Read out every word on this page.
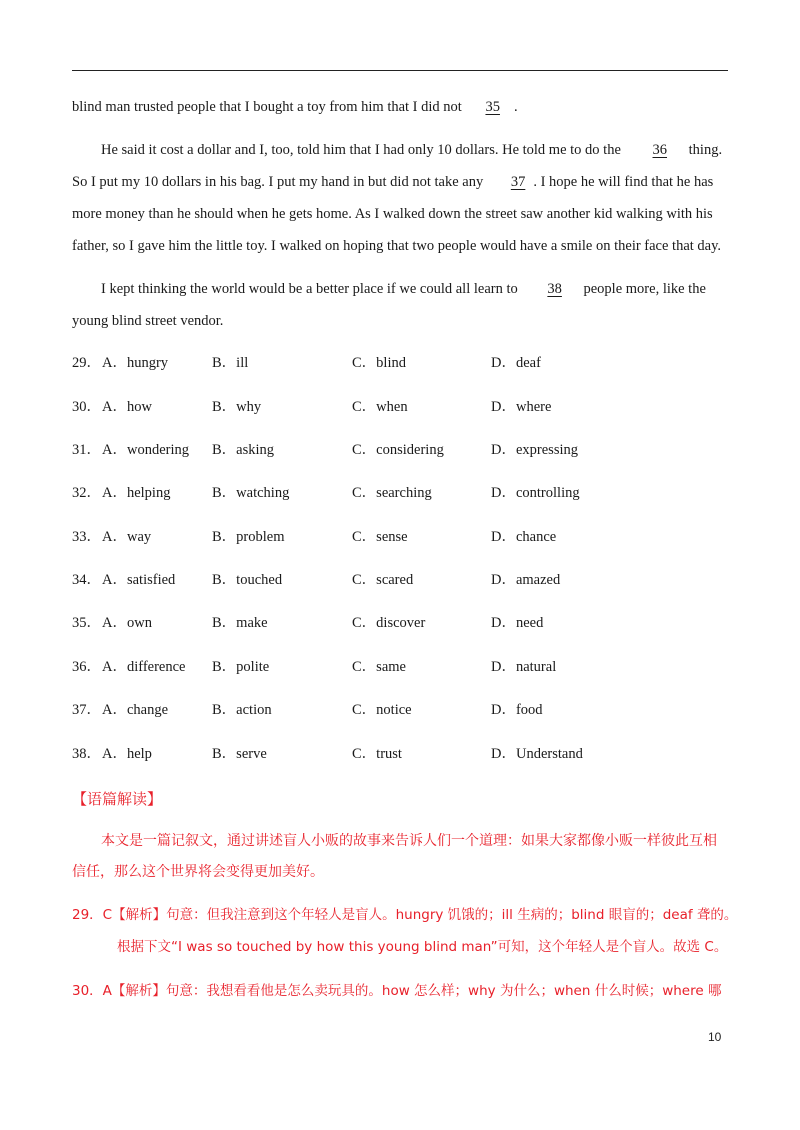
blind man trusted people that I bought a toy from him that I did not 35 .
He said it cost a dollar and I, too, told him that I had only 10 dollars. He told me to do the 36 thing.
So I put my 10 dollars in his bag. I put my hand in but did not take any 37 . I hope he will find that he has
more money than he should when he gets home. As I walked down the street saw another kid walking with his
father, so I gave him the little toy. I walked on hoping that two people would have a smile on their face that day.
I kept thinking the world would be a better place if we could all learn to 38 people more, like the
young blind street vendor.
29． A．hungry	B．ill	C．blind	D．deaf
30． A．how	B．why	C．when	D．where
31． A．wondering B．asking	C．considering	D．expressing
32． A．helping	B．watching	C．searching	D．controlling
33． A．way	B．problem	C．sense	D．chance
34． A．satisfied	B．touched	C．scared	D．amazed
35． A．own	B．make	C．discover	D．need
36． A．difference B．polite	C．same	D．natural
37． A．change	B．action	C．notice	D．food
38． A．help	B．serve	C．trust	D．Understand
【语篇解读】
本文是一篇记叙文，通过讲述盲人小贩的故事来告诉人们一个道理：如果大家都像小贩一样彼此互相
信任，那么这个世界将会变得更加美好。
29．C【解析】句意：但我注意到这个年轻人是盲人。hungry 饥饿的；ill 生病的；blind 眼盲的；deaf 聋的。
根据下文“I was so touched by how this young blind man”可知，这个年轻人是个盲人。故选 C。
30．A【解析】句意：我想看看他是怎么卖玩具的。how 怎么样；why 为什么；when 什么时候；where 哪
10
